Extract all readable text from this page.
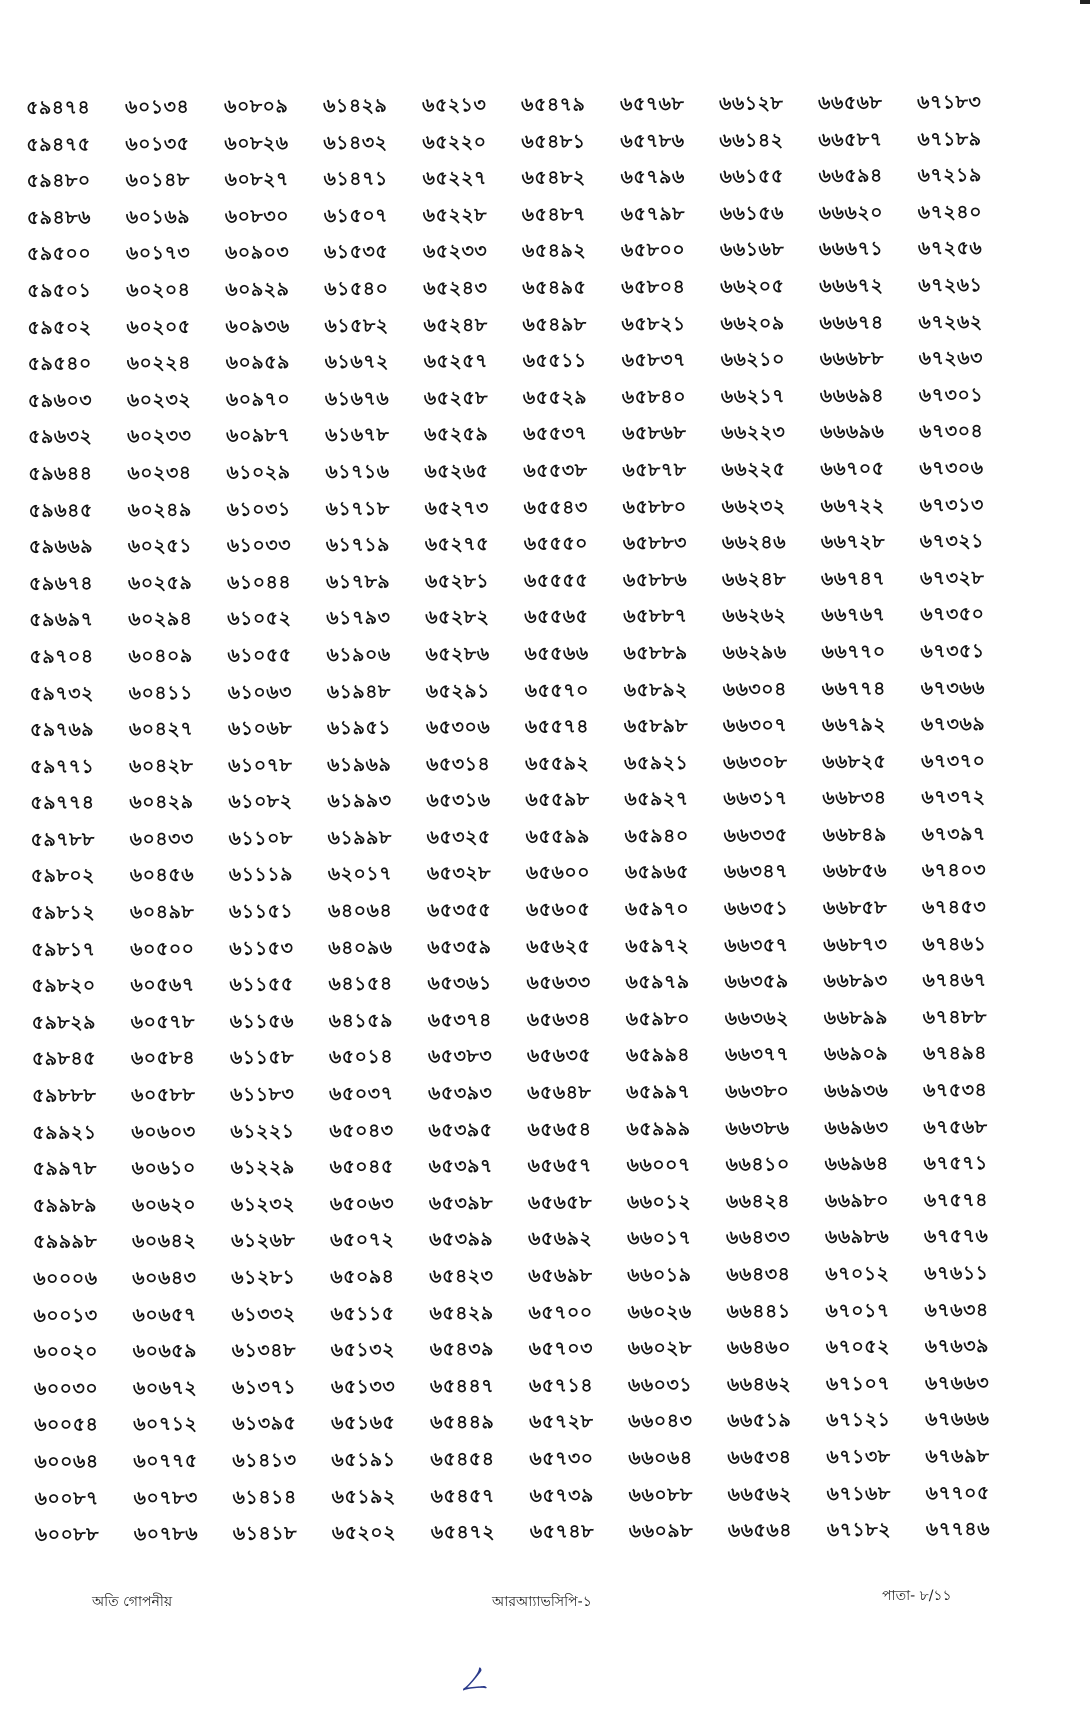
৫৯৪৭৪	৬০১৩৪	৬০৮০৯	৬১৪২৯	৬৫২১৩	৬৫৪৭৯	৬৫৭৬৮	৬৬১২৮	৬৬৫৬৮	৬৭১৮৩
৫৯৪৭৫	৬০১৩৫	৬০৮২৬	৬১৪৩২	৬৫২২০	৬৫৪৮১	৬৫৭৮৬	৬৬১৪২	৬৬৫৮৭	৬৭১৮৯
৫৯৪৮০	৬০১৪৮	৬০৮২৭	৬১৪৭১	৬৫২২৭	৬৫৪৮২	৬৫৭৯৬	৬৬১৫৫	৬৬৫৯৪	৬৭২১৯
৫৯৪৮৬	৬০১৬৯	৬০৮৩০	৬১৫০৭	৬৫২২৮	৬৫৪৮৭	৬৫৭৯৮	৬৬১৫৬	৬৬৬২০	৬৭২৪০
৫৯৫০০	৬০১৭৩	৬০৯০৩	৬১৫৩৫	৬৫২৩৩	৬৫৪৯২	৬৫৮০০	৬৬১৬৮	৬৬৬৭১	৬৭২৫৬
৫৯৫০১	৬০২০৪	৬০৯২৯	৬১৫৪০	৬৫২৪৩	৬৫৪৯৫	৬৫৮০৪	৬৬২০৫	৬৬৬৭২	৬৭২৬১
৫৯৫০২	৬০২০৫	৬০৯৩৬	৬১৫৮২	৬৫২৪৮	৬৫৪৯৮	৬৫৮২১	৬৬২০৯	৬৬৬৭৪	৬৭২৬২
৫৯৫৪০	৬০২২৪	৬০৯৫৯	৬১৬৭২	৬৫২৫৭	৬৫৫১১	৬৫৮৩৭	৬৬২১০	৬৬৬৮৮	৬৭২৬৩
৫৯৬০৩	৬০২৩২	৬০৯৭০	৬১৬৭৬	৬৫২৫৮	৬৫৫২৯	৬৫৮৪০	৬৬২১৭	৬৬৬৯৪	৬৭৩০১
৫৯৬৩২	৬০২৩৩	৬০৯৮৭	৬১৬৭৮	৬৫২৫৯	৬৫৫৩৭	৬৫৮৬৮	৬৬২২৩	৬৬৬৯৬	৬৭৩০৪
৫৯৬৪৪	৬০২৩৪	৬১০২৯	৬১৭১৬	৬৫২৬৫	৬৫৫৩৮	৬৫৮৭৮	৬৬২২৫	৬৬৭০৫	৬৭৩০৬
৫৯৬৪৫	৬০২৪৯	৬১০৩১	৬১৭১৮	৬৫২৭৩	৬৫৫৪৩	৬৫৮৮০	৬৬২৩২	৬৬৭২২	৬৭৩১৩
৫৯৬৬৯	৬০২৫১	৬১০৩৩	৬১৭১৯	৬৫২৭৫	৬৫৫৫০	৬৫৮৮৩	৬৬২৪৬	৬৬৭২৮	৬৭৩২১
৫৯৬৭৪	৬০২৫৯	৬১০৪৪	৬১৭৮৯	৬৫২৮১	৬৫৫৫৫	৬৫৮৮৬	৬৬২৪৮	৬৬৭৪৭	৬৭৩২৮
৫৯৬৯৭	৬০২৯৪	৬১০৫২	৬১৭৯৩	৬৫২৮২	৬৫৫৬৫	৬৫৮৮৭	৬৬২৬২	৬৬৭৬৭	৬৭৩৫০
৫৯৭০৪	৬০৪০৯	৬১০৫৫	৬১৯০৬	৬৫২৮৬	৬৫৫৬৬	৬৫৮৮৯	৬৬২৯৬	৬৬৭৭০	৬৭৩৫১
৫৯৭৩২	৬০৪১১	৬১০৬৩	৬১৯৪৮	৬৫২৯১	৬৫৫৭০	৬৫৮৯২	৬৬৩০৪	৬৬৭৭৪	৬৭৩৬৬
৫৯৭৬৯	৬০৪২৭	৬১০৬৮	৬১৯৫১	৬৫৩০৬	৬৫৫৭৪	৬৫৮৯৮	৬৬৩০৭	৬৬৭৯২	৬৭৩৬৯
৫৯৭৭১	৬০৪২৮	৬১০৭৮	৬১৯৬৯	৬৫৩১৪	৬৫৫৯২	৬৫৯২১	৬৬৩০৮	৬৬৮২৫	৬৭৩৭০
৫৯৭৭৪	৬০৪২৯	৬১০৮২	৬১৯৯৩	৬৫৩১৬	৬৫৫৯৮	৬৫৯২৭	৬৬৩১৭	৬৬৮৩৪	৬৭৩৭২
৫৯৭৮৮	৬০৪৩৩	৬১১০৮	৬১৯৯৮	৬৫৩২৫	৬৫৫৯৯	৬৫৯৪০	৬৬৩৩৫	৬৬৮৪৯	৬৭৩৯৭
৫৯৮০২	৬০৪৫৬	৬১১১৯	৬২০১৭	৬৫৩২৮	৬৫৬০০	৬৫৯৬৫	৬৬৩৪৭	৬৬৮৫৬	৬৭৪০৩
৫৯৮১২	৬০৪৯৮	৬১১৫১	৬৪০৬৪	৬৫৩৫৫	৬৫৬০৫	৬৫৯৭০	৬৬৩৫১	৬৬৮৫৮	৬৭৪৫৩
৫৯৮১৭	৬০৫০০	৬১১৫৩	৬৪০৯৬	৬৫৩৫৯	৬৫৬২৫	৬৫৯৭২	৬৬৩৫৭	৬৬৮৭৩	৬৭৪৬১
৫৯৮২০	৬০৫৬৭	৬১১৫৫	৬৪১৫৪	৬৫৩৬১	৬৫৬৩৩	৬৫৯৭৯	৬৬৩৫৯	৬৬৮৯৩	৬৭৪৬৭
৫৯৮২৯	৬০৫৭৮	৬১১৫৬	৬৪১৫৯	৬৫৩৭৪	৬৫৬৩৪	৬৫৯৮০	৬৬৩৬২	৬৬৮৯৯	৬৭৪৮৮
৫৯৮৪৫	৬০৫৮৪	৬১১৫৮	৬৫০১৪	৬৫৩৮৩	৬৫৬৩৫	৬৫৯৯৪	৬৬৩৭৭	৬৬৯০৯	৬৭৪৯৪
৫৯৮৮৮	৬০৫৮৮	৬১১৮৩	৬৫০৩৭	৬৫৩৯৩	৬৫৬৪৮	৬৫৯৯৭	৬৬৩৮০	৬৬৯৩৬	৬৭৫৩৪
৫৯৯২১	৬০৬০৩	৬১২২১	৬৫০৪৩	৬৫৩৯৫	৬৫৬৫৪	৬৫৯৯৯	৬৬৩৮৬	৬৬৯৬৩	৬৭৫৬৮
৫৯৯৭৮	৬০৬১০	৬১২২৯	৬৫০৪৫	৬৫৩৯৭	৬৫৬৫৭	৬৬০০৭	৬৬৪১০	৬৬৯৬৪	৬৭৫৭১
৫৯৯৮৯	৬০৬২০	৬১২৩২	৬৫০৬৩	৬৫৩৯৮	৬৫৬৫৮	৬৬০১২	৬৬৪২৪	৬৬৯৮০	৬৭৫৭৪
৫৯৯৯৮	৬০৬৪২	৬১২৬৮	৬৫০৭২	৬৫৩৯৯	৬৫৬৯২	৬৬০১৭	৬৬৪৩৩	৬৬৯৮৬	৬৭৫৭৬
৬০০০৬	৬০৬৪৩	৬১২৮১	৬৫০৯৪	৬৫৪২৩	৬৫৬৯৮	৬৬০১৯	৬৬৪৩৪	৬৭০১২	৬৭৬১১
৬০০১৩	৬০৬৫৭	৬১৩৩২	৬৫১১৫	৬৫৪২৯	৬৫৭০০	৬৬০২৬	৬৬৪৪১	৬৭০১৭	৬৭৬৩৪
৬০০২০	৬০৬৫৯	৬১৩৪৮	৬৫১৩২	৬৫৪৩৯	৬৫৭০৩	৬৬০২৮	৬৬৪৬০	৬৭০৫২	৬৭৬৩৯
৬০০৩০	৬০৬৭২	৬১৩৭১	৬৫১৩৩	৬৫৪৪৭	৬৫৭১৪	৬৬০৩১	৬৬৪৬২	৬৭১০৭	৬৭৬৬৩
৬০০৫৪	৬০৭১২	৬১৩৯৫	৬৫১৬৫	৬৫৪৪৯	৬৫৭২৮	৬৬০৪৩	৬৬৫১৯	৬৭১২১	৬৭৬৬৬
৬০০৬৪	৬০৭৭৫	৬১৪১৩	৬৫১৯১	৬৫৪৫৪	৬৫৭৩০	৬৬০৬৪	৬৬৫৩৪	৬৭১৩৮	৬৭৬৯৮
৬০০৮৭	৬০৭৮৩	৬১৪১৪	৬৫১৯২	৬৫৪৫৭	৬৫৭৩৯	৬৬০৮৮	৬৬৫৬২	৬৭১৬৮	৬৭৭০৫
৬০০৮৮	৬০৭৮৬	৬১৪১৮	৬৫২০২	৬৫৪৭২	৬৫৭৪৮	৬৬০৯৮	৬৬৫৬৪	৬৭১৮২	৬৭৭৪৬
অতি গোপনীয়	আরআ্যাভসিপি-১	পাতা- ৮/১১
ㄥ
